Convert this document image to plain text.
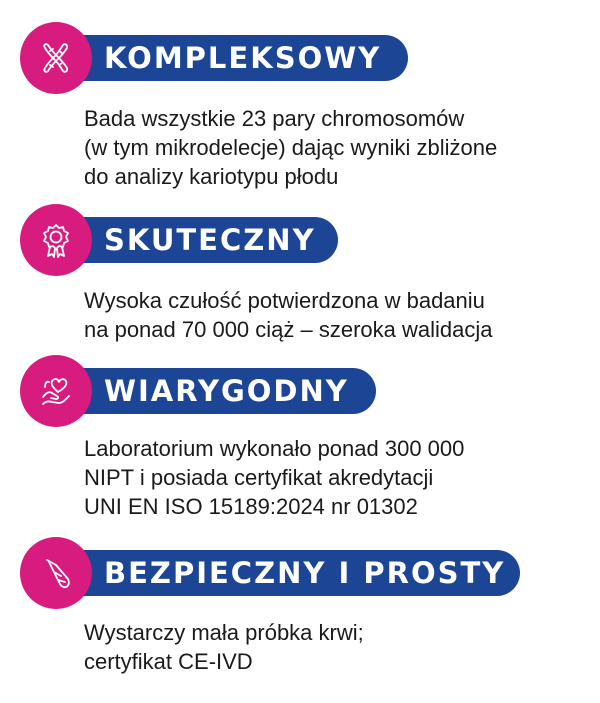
KOMPLEKSOWY
Bada wszystkie 23 pary chromosomów
(w tym mikrodelecje) dając wyniki zbliżone
do analizy kariotypu płodu
SKUTECZNY
Wysoka czułość potwierdzona w badaniu
na ponad 70 000 ciąż – szeroka walidacja
WIARYGODNY
Laboratorium wykonało ponad 300 000
NIPT i posiada certyfikat akredytacji
UNI EN ISO 15189:2024 nr 01302
BEZPIECZNY I PROSTY
Wystarczy mała próbka krwi;
certyfikat CE-IVD
